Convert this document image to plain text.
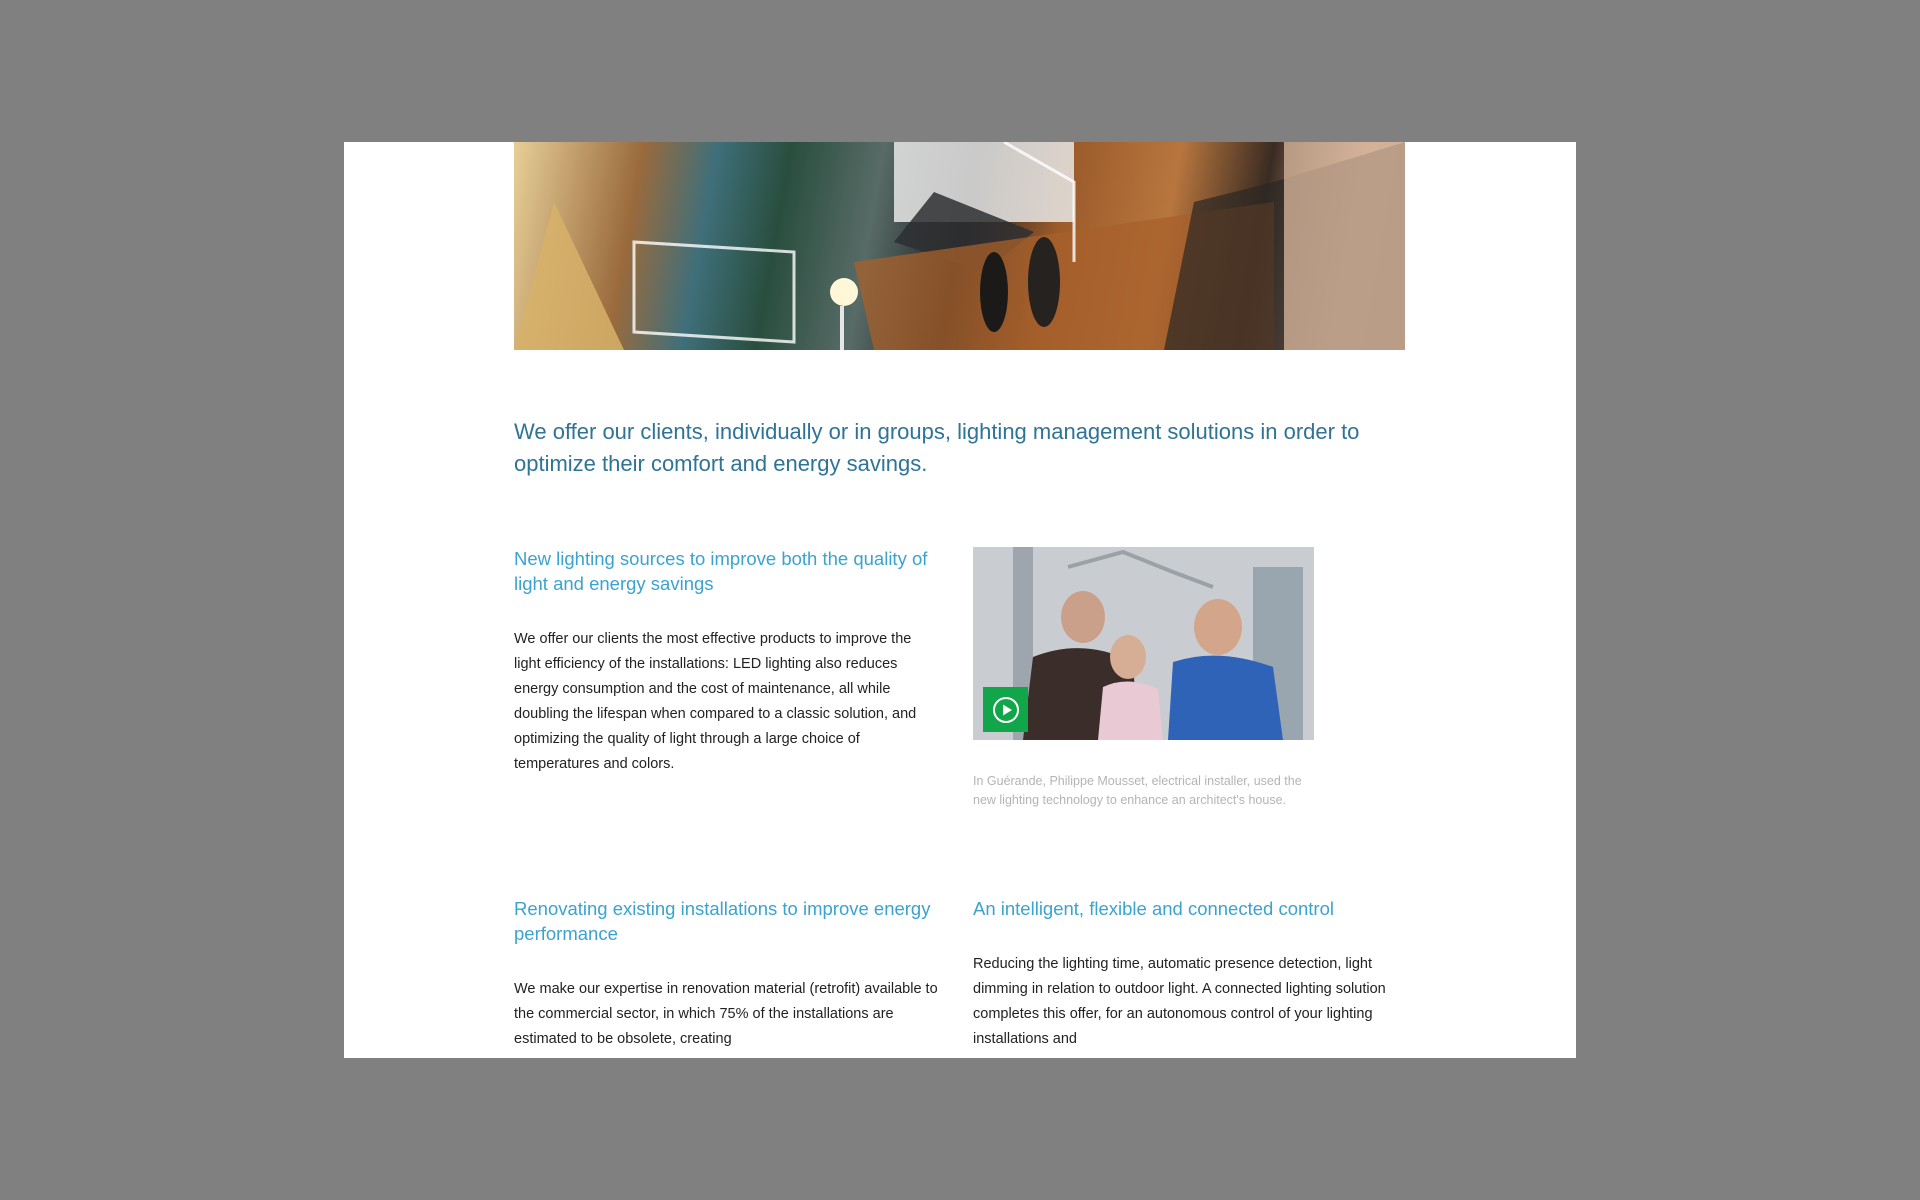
We offer our clients, individually or in groups, lighting management solutions in order to optimize their comfort and energy savings.

New lighting sources to improve both the quality of light and energy savings

We offer our clients the most effective products to improve the light efficiency of the installations: LED lighting also reduces energy consumption and the cost of maintenance, all while doubling the lifespan when compared to a classic solution, and optimizing the quality of light through a large choice of temperatures and colors.

In Guérande, Philippe Mousset, electrical installer, used the new lighting technology to enhance an architect's house.

Renovating existing installations to improve energy performance

We make our expertise in renovation material (retrofit) available to the commercial sector, in which 75% of the installations are estimated to be obsolete, creating

An intelligent, flexible and connected control

Reducing the lighting time, automatic presence detection, light dimming in relation to outdoor light. A connected lighting solution completes this offer, for an autonomous control of your lighting installations and
